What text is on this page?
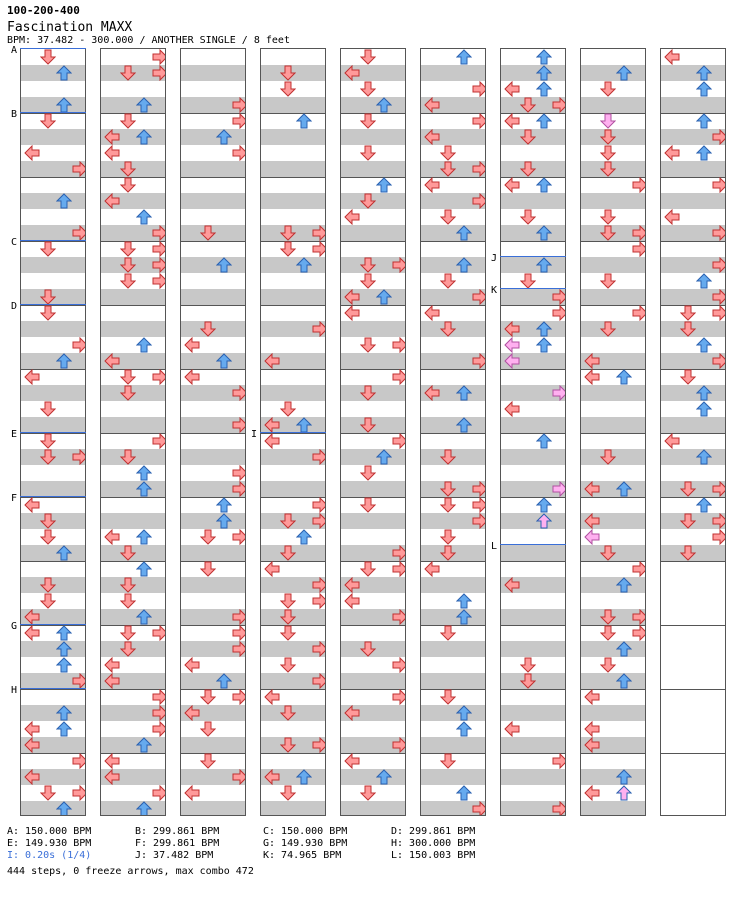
100-200-400
Fascination MAXX
BPM: 37.482 - 300.000 / ANOTHER SINGLE / 8 feet
A
B
C
D
E
F
G
H
I
J
K
L
A: 150.000 BPM	B: 299.861 BPM	C: 150.000 BPM	D: 299.861 BPM
E: 149.930 BPM	F: 299.861 BPM	G: 149.930 BPM	H: 300.000 BPM
I: 0.20s (1/4)	J: 37.482 BPM	K: 74.965 BPM	L: 150.003 BPM
444 steps, 0 freeze arrows, max combo 472
